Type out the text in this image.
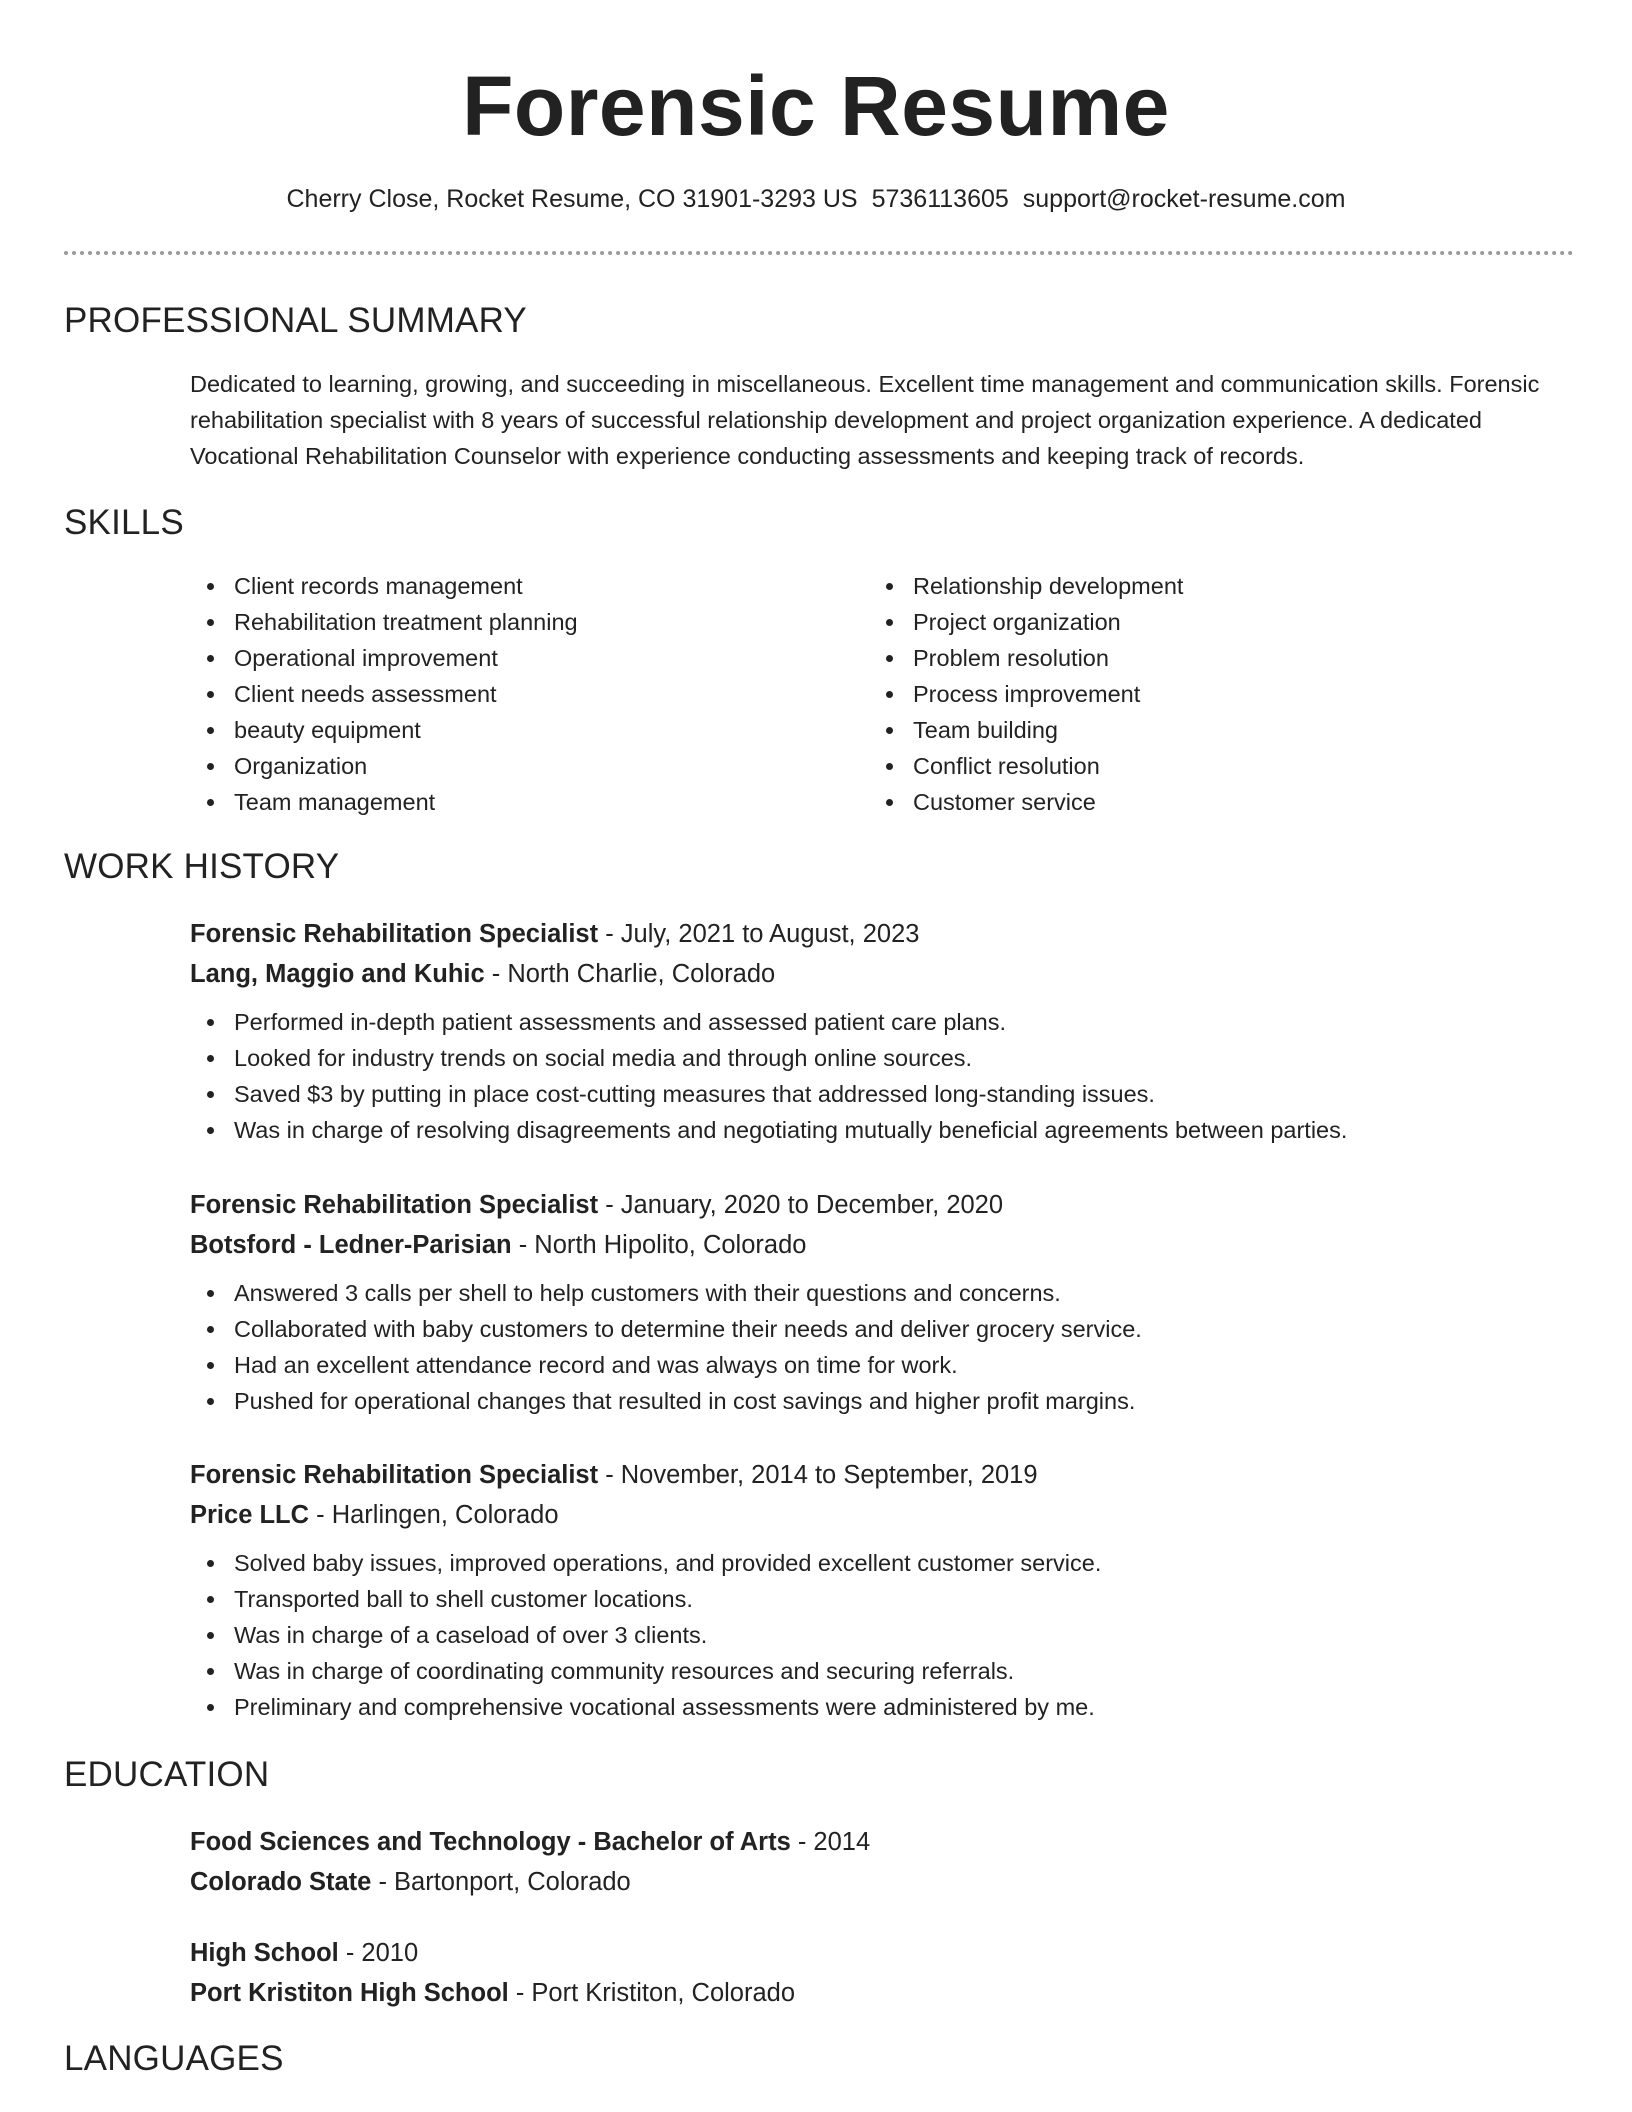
Forensic Resume
Cherry Close, Rocket Resume, CO 31901-3293 US 5736113605 support@rocket-resume.com
PROFESSIONAL SUMMARY

Dedicated to learning, growing, and succeeding in miscellaneous. Excellent time management and communication skills. Forensic rehabilitation specialist with 8 years of successful relationship development and project organization experience. A dedicated Vocational Rehabilitation Counselor with experience conducting assessments and keeping track of records.

SKILLS
Client records management
Rehabilitation treatment planning
Operational improvement
Client needs assessment
beauty equipment
Organization
Team management
Relationship development
Project organization
Problem resolution
Process improvement
Team building
Conflict resolution
Customer service
WORK HISTORY
Forensic Rehabilitation Specialist - July, 2021 to August, 2023
Lang, Maggio and Kuhic - North Charlie, Colorado
Performed in-depth patient assessments and assessed patient care plans.
Looked for industry trends on social media and through online sources.
Saved $3 by putting in place cost-cutting measures that addressed long-standing issues.
Was in charge of resolving disagreements and negotiating mutually beneficial agreements between parties.
Forensic Rehabilitation Specialist - January, 2020 to December, 2020
Botsford - Ledner-Parisian - North Hipolito, Colorado
Answered 3 calls per shell to help customers with their questions and concerns.
Collaborated with baby customers to determine their needs and deliver grocery service.
Had an excellent attendance record and was always on time for work.
Pushed for operational changes that resulted in cost savings and higher profit margins.
Forensic Rehabilitation Specialist - November, 2014 to September, 2019
Price LLC - Harlingen, Colorado
Solved baby issues, improved operations, and provided excellent customer service.
Transported ball to shell customer locations.
Was in charge of a caseload of over 3 clients.
Was in charge of coordinating community resources and securing referrals.
Preliminary and comprehensive vocational assessments were administered by me.
EDUCATION
Food Sciences and Technology - Bachelor of Arts - 2014
Colorado State - Bartonport, Colorado
High School - 2010
Port Kristiton High School - Port Kristiton, Colorado
LANGUAGES
